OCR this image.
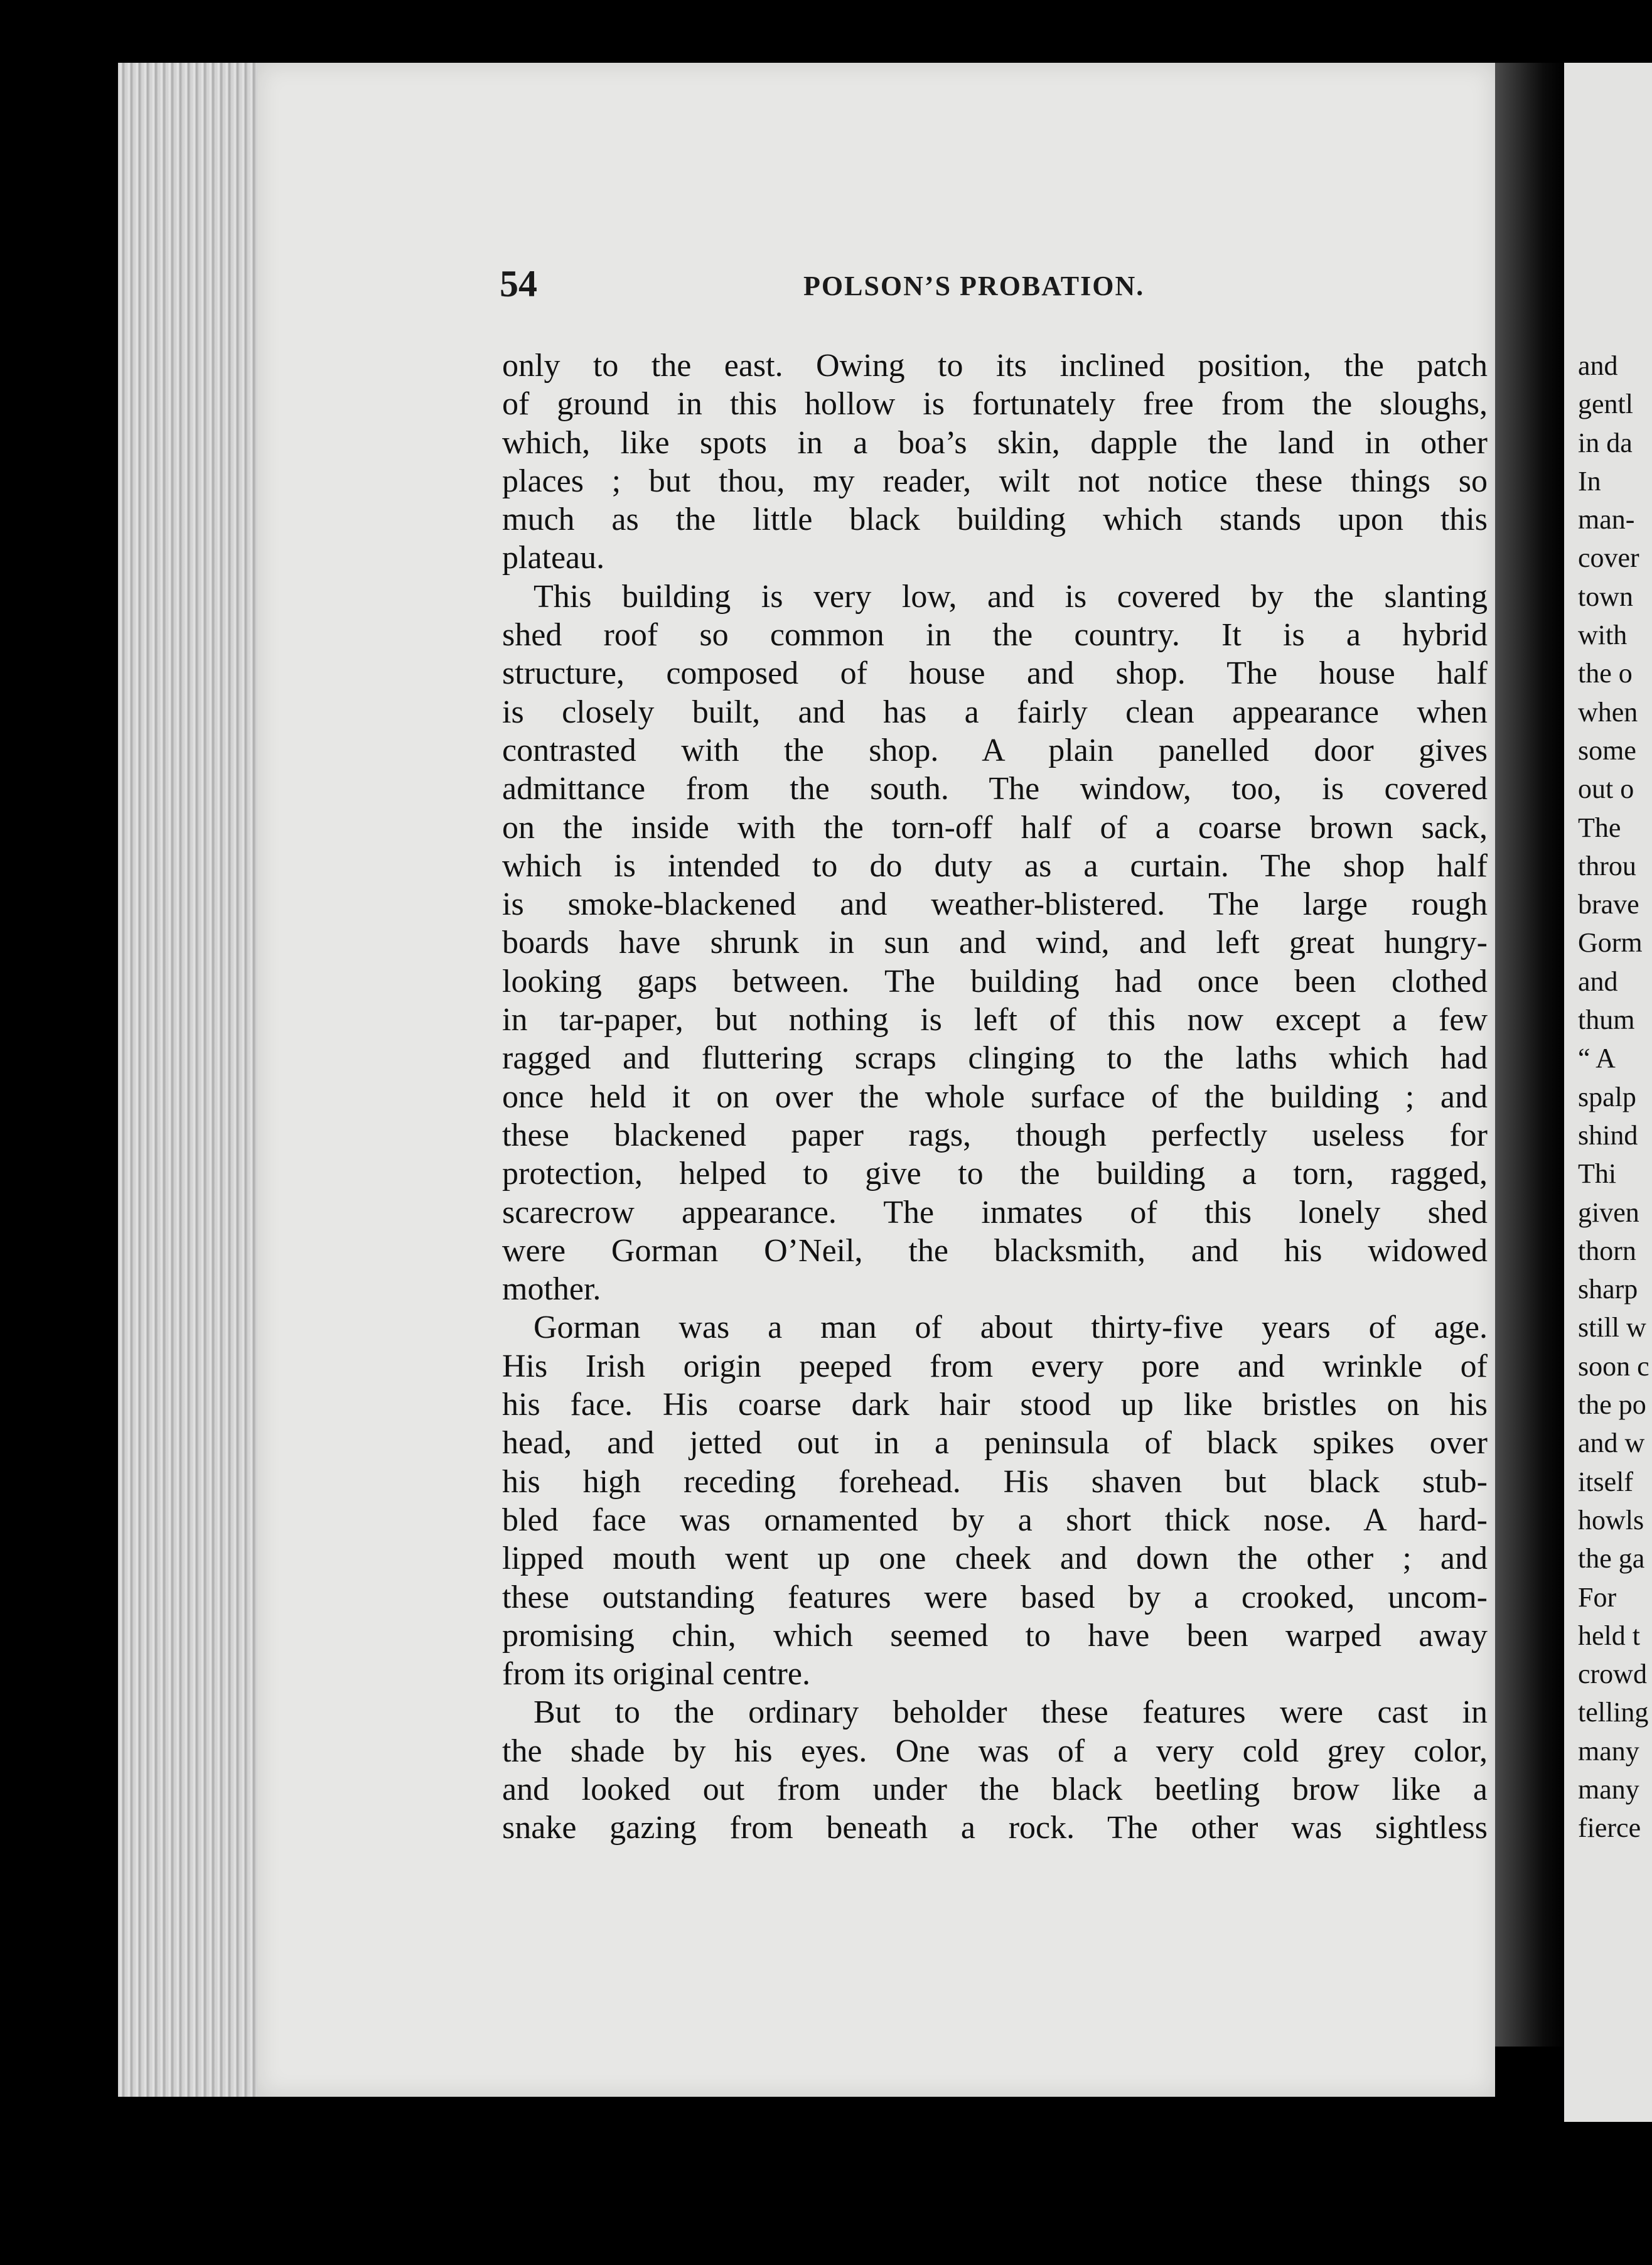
54	POLSON’S PROBATION.
only to the east. Owing to its inclined position, the patch
of ground in this hollow is fortunately free from the sloughs,
which, like spots in a boa’s skin, dapple the land in other
places ; but thou, my reader, wilt not notice these things so
much as the little black building which stands upon this
plateau.
This building is very low, and is covered by the slanting
shed roof so common in the country. It is a hybrid
structure, composed of house and shop. The house half
is closely built, and has a fairly clean appearance when
contrasted with the shop. A plain panelled door gives
admittance from the south. The window, too, is covered
on the inside with the torn-off half of a coarse brown sack,
which is intended to do duty as a curtain. The shop half
is smoke-blackened and weather-blistered. The large rough
boards have shrunk in sun and wind, and left great hungry-
looking gaps between. The building had once been clothed
in tar-paper, but nothing is left of this now except a few
ragged and fluttering scraps clinging to the laths which had
once held it on over the whole surface of the building ; and
these blackened paper rags, though perfectly useless for
protection, helped to give to the building a torn, ragged,
scarecrow appearance. The inmates of this lonely shed
were Gorman O’Neil, the blacksmith, and his widowed
mother.
Gorman was a man of about thirty-five years of age.
His Irish origin peeped from every pore and wrinkle of
his face. His coarse dark hair stood up like bristles on his
head, and jetted out in a peninsula of black spikes over
his high receding forehead. His shaven but black stub-
bled face was ornamented by a short thick nose. A hard-
lipped mouth went up one cheek and down the other ; and
these outstanding features were based by a crooked, uncom-
promising chin, which seemed to have been warped away
from its original centre.
But to the ordinary beholder these features were cast in
the shade by his eyes. One was of a very cold grey color,
and looked out from under the black beetling brow like a
snake gazing from beneath a rock. The other was sightless
and
gentl
in da
In
man-
cover
town
with
the o
when
some
out o
The
throu
brave
Gorm
and
thum
“ A
spalp
shind
Thi
given
thorn
sharp
still w
soon c
the po
and w
itself
howls
the ga
For
held t
crowd
telling
many
many
fierce
